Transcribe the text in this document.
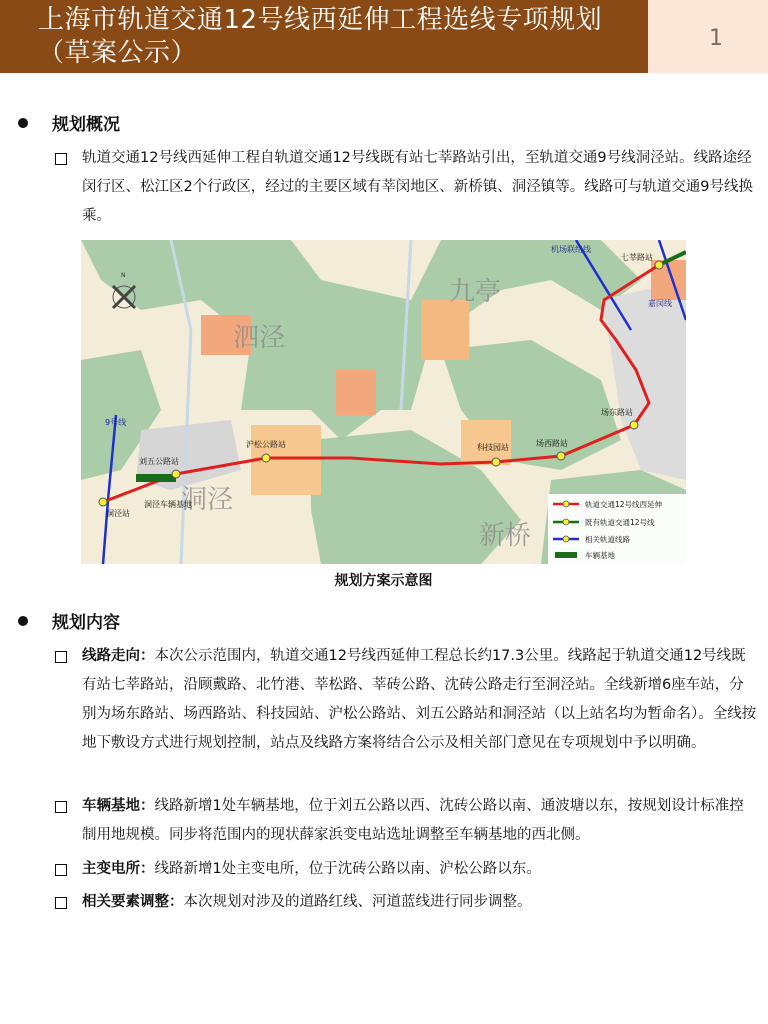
上海市轨道交通12号线西延伸工程选线专项规划（草案公示）	1
规划概况
轨道交通12号线西延伸工程自轨道交通12号线既有站七莘路站引出，至轨道交通9号线洞泾站。线路途经闵行区、松江区2个行政区，经过的主要区域有莘闵地区、新桥镇、洞泾镇等。线路可与轨道交通9号线换乘。
泗泾
九亭
洞泾
新桥
N
机场联络线
嘉闵线
9号线
七莘路站
场东路站
场西路站
科技园站
沪松公路站
刘五公路站
洞泾站
洞泾车辆基地	轨道交通12号线西延伸
既有轨道交通12号线
相关轨道线路
车辆基地
规划方案示意图
规划内容
线路走向：本次公示范围内，轨道交通12号线西延伸工程总长约17.3公里。线路起于轨道交通12号线既有站七莘路站，沿顾戴路、北竹港、莘松路、莘砖公路、沈砖公路走行至洞泾站。全线新增6座车站，分别为场东路站、场西路站、科技园站、沪松公路站、刘五公路站和洞泾站（以上站名均为暂命名）。全线按地下敷设方式进行规划控制，站点及线路方案将结合公示及相关部门意见在专项规划中予以明确。
车辆基地：线路新增1处车辆基地，位于刘五公路以西、沈砖公路以南、通波塘以东，按规划设计标准控制用地规模。同步将范围内的现状薛家浜变电站选址调整至车辆基地的西北侧。
主变电所：线路新增1处主变电所，位于沈砖公路以南、沪松公路以东。
相关要素调整：本次规划对涉及的道路红线、河道蓝线进行同步调整。
